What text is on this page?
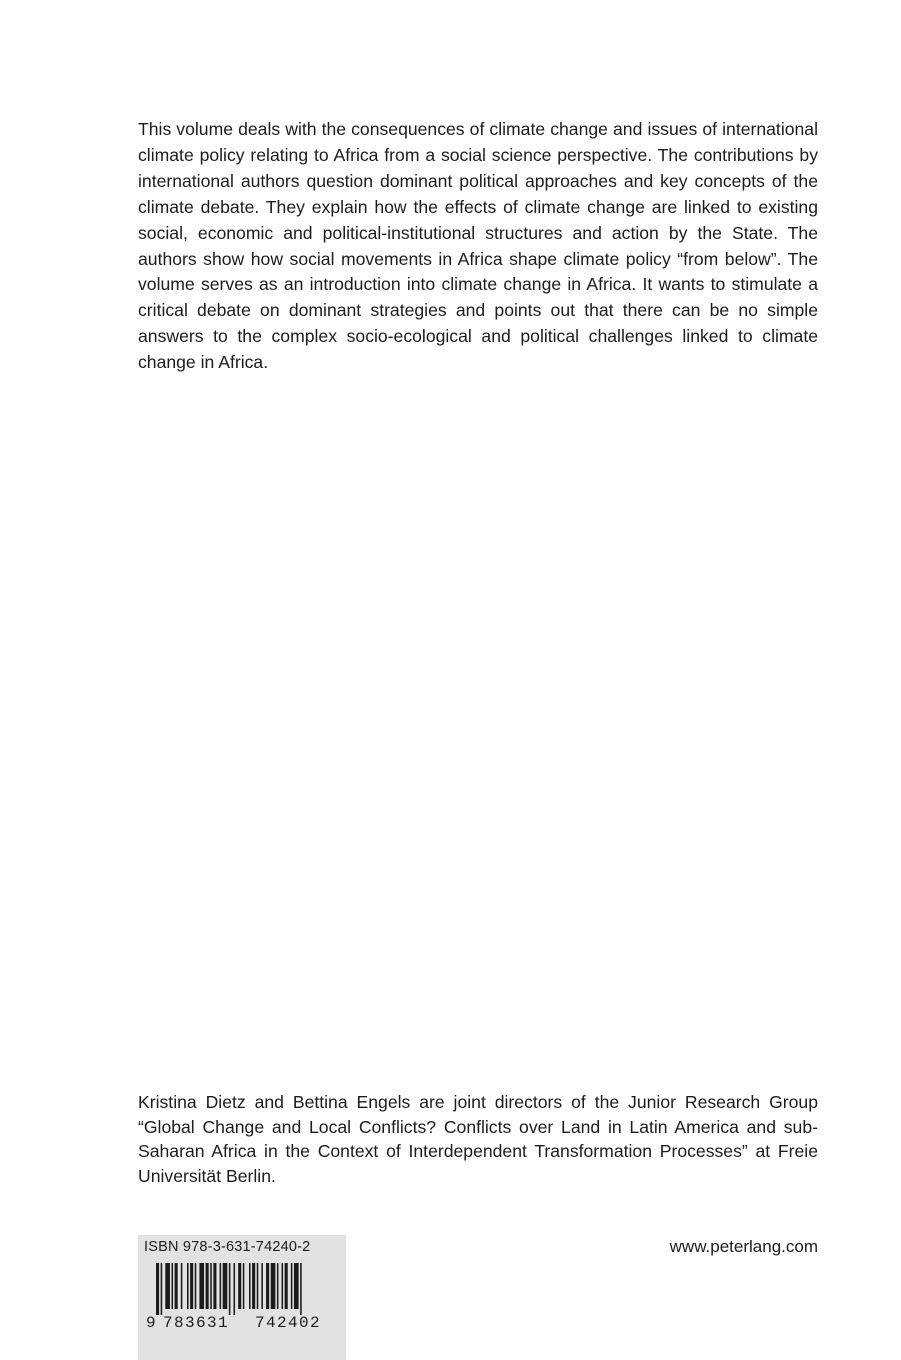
This volume deals with the consequences of climate change and issues of international climate policy relating to Africa from a social science perspective. The contributions by international authors question dominant political approaches and key concepts of the climate debate. They explain how the effects of climate change are linked to existing social, economic and political-institutional structures and action by the State. The authors show how social movements in Africa shape climate policy “from below”. The volume serves as an introduction into climate change in Africa. It wants to stimulate a critical debate on dominant strategies and points out that there can be no simple answers to the complex socio-ecological and political challenges linked to climate change in Africa.

Kristina Dietz and Bettina Engels are joint directors of the Junior Research Group “Global Change and Local Conflicts? Conflicts over Land in Latin America and sub-Saharan Africa in the Context of Interdependent Transformation Processes” at Freie Universität Berlin.

ISBN 978-3-631-74240-2
9 783631 742402
www.peterlang.com
